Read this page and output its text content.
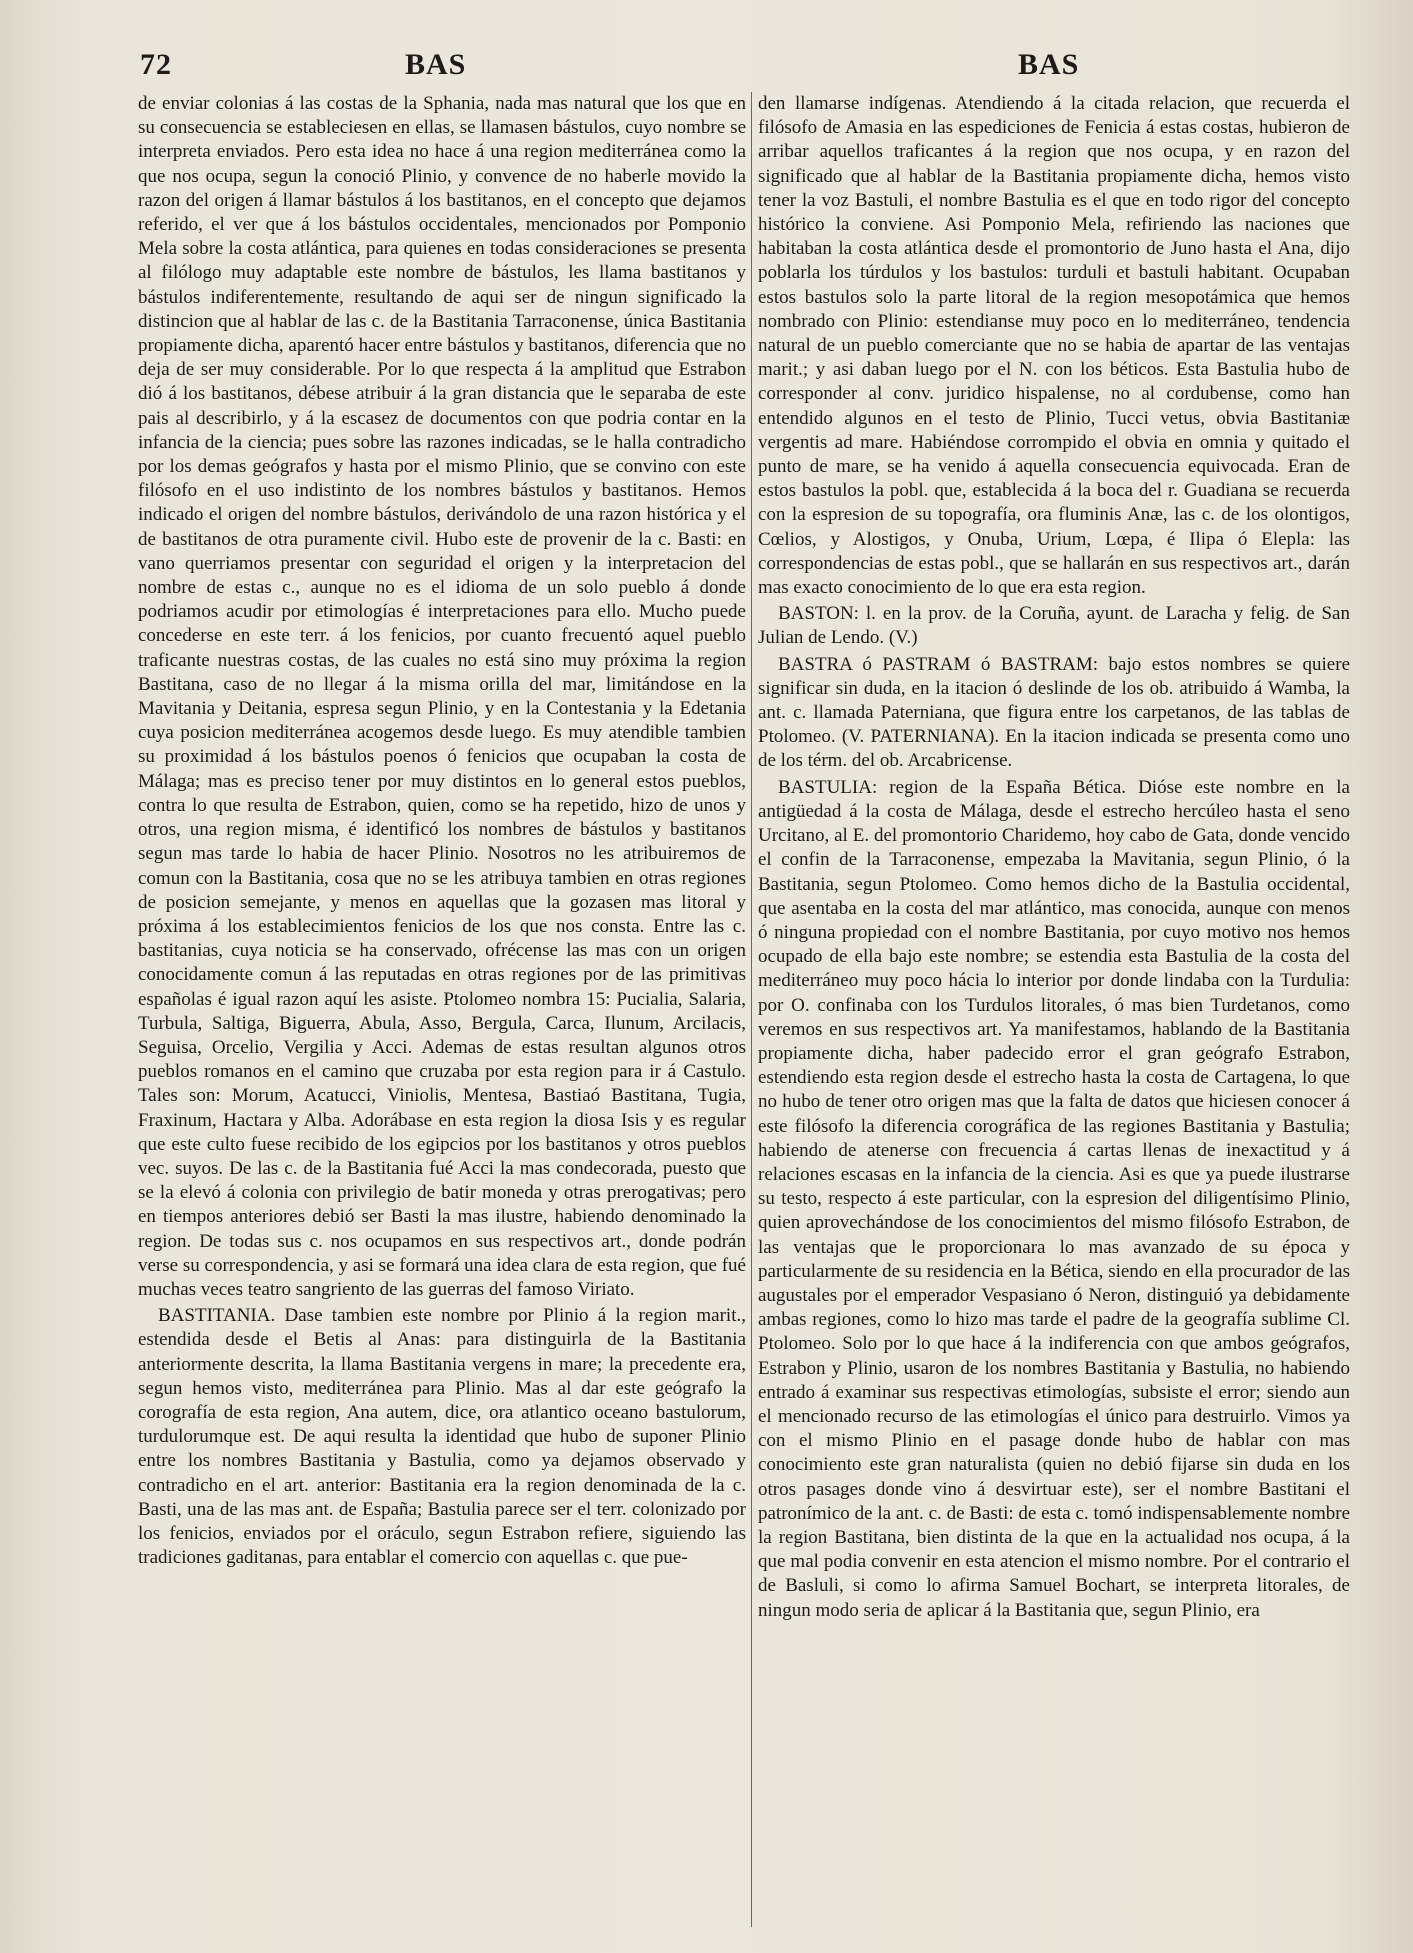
72	BAS	BAS

de enviar colonias á las costas de la Sphania, nada mas natural que los que en su consecuencia se estableciesen en ellas, se llamasen bástulos, cuyo nombre se interpreta enviados. Pero esta idea no hace á una region mediterránea como la que nos ocupa, segun la conoció Plinio, y convence de no haberle movido la razon del origen á llamar bástulos á los bastitanos, en el concepto que dejamos referido, el ver que á los bástulos occidentales, mencionados por Pomponio Mela sobre la costa atlántica, para quienes en todas consideraciones se presenta al filólogo muy adaptable este nombre de bástulos, les llama bastitanos y bástulos indiferentemente, resultando de aqui ser de ningun significado la distincion que al hablar de las c. de la Bastitania Tarraconense, única Bastitania propiamente dicha, aparentó hacer entre bástulos y bastitanos, diferencia que no deja de ser muy considerable. Por lo que respecta á la amplitud que Estrabon dió á los bastitanos, débese atribuir á la gran distancia que le separaba de este pais al describirlo, y á la escasez de documentos con que podria contar en la infancia de la ciencia; pues sobre las razones indicadas, se le halla contradicho por los demas geógrafos y hasta por el mismo Plinio, que se convino con este filósofo en el uso indistinto de los nombres bástulos y bastitanos. Hemos indicado el origen del nombre bástulos, derivándolo de una razon histórica y el de bastitanos de otra puramente civil. Hubo este de provenir de la c. Basti: en vano querriamos presentar con seguridad el origen y la interpretacion del nombre de estas c., aunque no es el idioma de un solo pueblo á donde podriamos acudir por etimologías é interpretaciones para ello. Mucho puede concederse en este terr. á los fenicios, por cuanto frecuentó aquel pueblo traficante nuestras costas, de las cuales no está sino muy próxima la region Bastitana, caso de no llegar á la misma orilla del mar, limitándose en la Mavitania y Deitania, espresa segun Plinio, y en la Contestania y la Edetania cuya posicion mediterránea acogemos desde luego. Es muy atendible tambien su proximidad á los bástulos poenos ó fenicios que ocupaban la costa de Málaga; mas es preciso tener por muy distintos en lo general estos pueblos, contra lo que resulta de Estrabon, quien, como se ha repetido, hizo de unos y otros, una region misma, é identificó los nombres de bástulos y bastitanos segun mas tarde lo habia de hacer Plinio. Nosotros no les atribuiremos de comun con la Bastitania, cosa que no se les atribuya tambien en otras regiones de posicion semejante, y menos en aquellas que la gozasen mas litoral y próxima á los establecimientos fenicios de los que nos consta. Entre las c. bastitanias, cuya noticia se ha conservado, ofrécense las mas con un origen conocidamente comun á las reputadas en otras regiones por de las primitivas españolas é igual razon aquí les asiste. Ptolomeo nombra 15: Pucialia, Salaria, Turbula, Saltiga, Biguerra, Abula, Asso, Bergula, Carca, Ilunum, Arcilacis, Seguisa, Orcelio, Vergilia y Acci. Ademas de estas resultan algunos otros pueblos romanos en el camino que cruzaba por esta region para ir á Castulo. Tales son: Morum, Acatucci, Viniolis, Mentesa, Bastiaó Bastitana, Tugia, Fraxinum, Hactara y Alba. Adorábase en esta region la diosa Isis y es regular que este culto fuese recibido de los egipcios por los bastitanos y otros pueblos vec. suyos. De las c. de la Bastitania fué Acci la mas condecorada, puesto que se la elevó á colonia con privilegio de batir moneda y otras prerogativas; pero en tiempos anteriores debió ser Basti la mas ilustre, habiendo denominado la region. De todas sus c. nos ocupamos en sus respectivos art., donde podrán verse su correspondencia, y asi se formará una idea clara de esta region, que fué muchas veces teatro sangriento de las guerras del famoso Viriato.

BASTITANIA. Dase tambien este nombre por Plinio á la region marit., estendida desde el Betis al Anas: para distinguirla de la Bastitania anteriormente descrita, la llama Bastitania vergens in mare; la precedente era, segun hemos visto, mediterránea para Plinio. Mas al dar este geógrafo la corografía de esta region, Ana autem, dice, ora atlantico oceano bastulorum, turdulorumque est. De aqui resulta la identidad que hubo de suponer Plinio entre los nombres Bastitania y Bastulia, como ya dejamos observado y contradicho en el art. anterior: Bastitania era la region denominada de la c. Basti, una de las mas ant. de España; Bastulia parece ser el terr. colonizado por los fenicios, enviados por el oráculo, segun Estrabon refiere, siguiendo las tradiciones gaditanas, para entablar el comercio con aquellas c. que pue-

den llamarse indígenas. Atendiendo á la citada relacion, que recuerda el filósofo de Amasia en las espediciones de Fenicia á estas costas, hubieron de arribar aquellos traficantes á la region que nos ocupa, y en razon del significado que al hablar de la Bastitania propiamente dicha, hemos visto tener la voz Bastuli, el nombre Bastulia es el que en todo rigor del concepto histórico la conviene. Asi Pomponio Mela, refiriendo las naciones que habitaban la costa atlántica desde el promontorio de Juno hasta el Ana, dijo poblarla los túrdulos y los bastulos: turduli et bastuli habitant. Ocupaban estos bastulos solo la parte litoral de la region mesopotámica que hemos nombrado con Plinio: estendianse muy poco en lo mediterráneo, tendencia natural de un pueblo comerciante que no se habia de apartar de las ventajas marit.; y asi daban luego por el N. con los béticos. Esta Bastulia hubo de corresponder al conv. juridico hispalense, no al cordubense, como han entendido algunos en el testo de Plinio, Tucci vetus, obvia Bastitaniæ vergentis ad mare. Habiéndose corrompido el obvia en omnia y quitado el punto de mare, se ha venido á aquella consecuencia equivocada. Eran de estos bastulos la pobl. que, establecida á la boca del r. Guadiana se recuerda con la espresion de su topografía, ora fluminis Anæ, las c. de los olontigos, Cœlios, y Alostigos, y Onuba, Urium, Lœpa, é Ilipa ó Elepla: las correspondencias de estas pobl., que se hallarán en sus respectivos art., darán mas exacto conocimiento de lo que era esta region.

BASTON: l. en la prov. de la Coruña, ayunt. de Laracha y felig. de San Julian de Lendo. (V.)

BASTRA ó PASTRAM ó BASTRAM: bajo estos nombres se quiere significar sin duda, en la itacion ó deslinde de los ob. atribuido á Wamba, la ant. c. llamada Paterniana, que figura entre los carpetanos, de las tablas de Ptolomeo. (V. PATERNIANA). En la itacion indicada se presenta como uno de los térm. del ob. Arcabricense.

BASTULIA: region de la España Bética. Dióse este nombre en la antigüedad á la costa de Málaga, desde el estrecho hercúleo hasta el seno Urcitano, al E. del promontorio Charidemo, hoy cabo de Gata, donde vencido el confin de la Tarraconense, empezaba la Mavitania, segun Plinio, ó la Bastitania, segun Ptolomeo. Como hemos dicho de la Bastulia occidental, que asentaba en la costa del mar atlántico, mas conocida, aunque con menos ó ninguna propiedad con el nombre Bastitania, por cuyo motivo nos hemos ocupado de ella bajo este nombre; se estendia esta Bastulia de la costa del mediterráneo muy poco hácia lo interior por donde lindaba con la Turdulia: por O. confinaba con los Turdulos litorales, ó mas bien Turdetanos, como veremos en sus respectivos art. Ya manifestamos, hablando de la Bastitania propiamente dicha, haber padecido error el gran geógrafo Estrabon, estendiendo esta region desde el estrecho hasta la costa de Cartagena, lo que no hubo de tener otro origen mas que la falta de datos que hiciesen conocer á este filósofo la diferencia corográfica de las regiones Bastitania y Bastulia; habiendo de atenerse con frecuencia á cartas llenas de inexactitud y á relaciones escasas en la infancia de la ciencia. Asi es que ya puede ilustrarse su testo, respecto á este particular, con la espresion del diligentísimo Plinio, quien aprovechándose de los conocimientos del mismo filósofo Estrabon, de las ventajas que le proporcionara lo mas avanzado de su época y particularmente de su residencia en la Bética, siendo en ella procurador de las augustales por el emperador Vespasiano ó Neron, distinguió ya debidamente ambas regiones, como lo hizo mas tarde el padre de la geografía sublime Cl. Ptolomeo. Solo por lo que hace á la indiferencia con que ambos geógrafos, Estrabon y Plinio, usaron de los nombres Bastitania y Bastulia, no habiendo entrado á examinar sus respectivas etimologías, subsiste el error; siendo aun el mencionado recurso de las etimologías el único para destruirlo. Vimos ya con el mismo Plinio en el pasage donde hubo de hablar con mas conocimiento este gran naturalista (quien no debió fijarse sin duda en los otros pasages donde vino á desvirtuar este), ser el nombre Bastitani el patronímico de la ant. c. de Basti: de esta c. tomó indispensablemente nombre la region Bastitana, bien distinta de la que en la actualidad nos ocupa, á la que mal podia convenir en esta atencion el mismo nombre. Por el contrario el de Basluli, si como lo afirma Samuel Bochart, se interpreta litorales, de ningun modo seria de aplicar á la Bastitania que, segun Plinio, era
